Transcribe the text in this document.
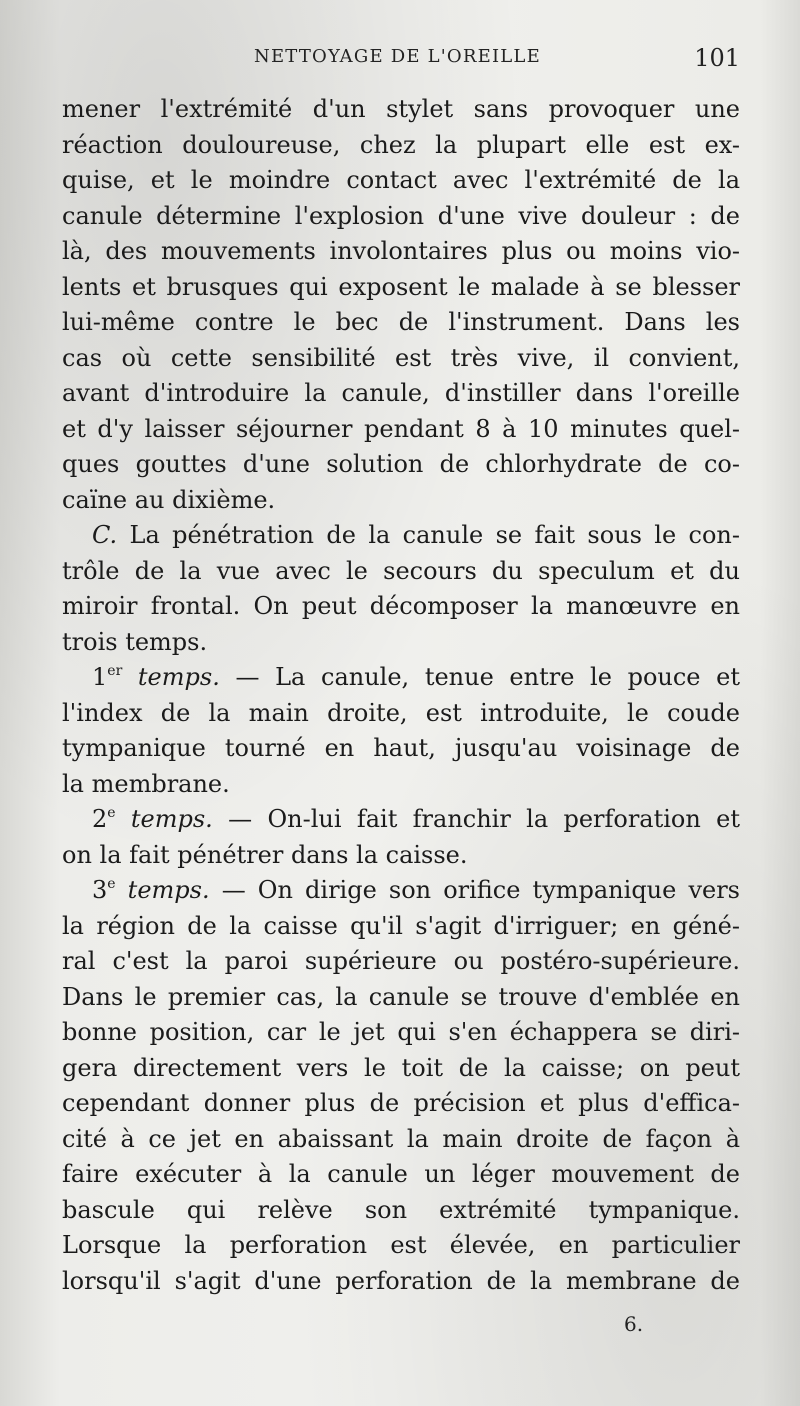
NETTOYAGE DE L'OREILLE	101
mener l'extrémité d'un stylet sans provoquer une
réaction douloureuse, chez la plupart elle est ex-
quise, et le moindre contact avec l'extrémité de la
canule détermine l'explosion d'une vive douleur : de
là, des mouvements involontaires plus ou moins vio-
lents et brusques qui exposent le malade à se blesser
lui-même contre le bec de l'instrument. Dans les
cas où cette sensibilité est très vive, il convient,
avant d'introduire la canule, d'instiller dans l'oreille
et d'y laisser séjourner pendant 8 à 10 minutes quel-
ques gouttes d'une solution de chlorhydrate de co-
caïne au dixième.
C. La pénétration de la canule se fait sous le con-
trôle de la vue avec le secours du speculum et du
miroir frontal. On peut décomposer la manœuvre en
trois temps.
1er temps. — La canule, tenue entre le pouce et
l'index de la main droite, est introduite, le coude
tympanique tourné en haut, jusqu'au voisinage de
la membrane.
2e temps. — On-lui fait franchir la perforation et
on la fait pénétrer dans la caisse.
3e temps. — On dirige son orifice tympanique vers
la région de la caisse qu'il s'agit d'irriguer; en géné-
ral c'est la paroi supérieure ou postéro-supérieure.
Dans le premier cas, la canule se trouve d'emblée en
bonne position, car le jet qui s'en échappera se diri-
gera directement vers le toit de la caisse; on peut
cependant donner plus de précision et plus d'effica-
cité à ce jet en abaissant la main droite de façon à
faire exécuter à la canule un léger mouvement de
bascule qui relève son extrémité tympanique.
Lorsque la perforation est élevée, en particulier
lorsqu'il s'agit d'une perforation de la membrane de
6.
